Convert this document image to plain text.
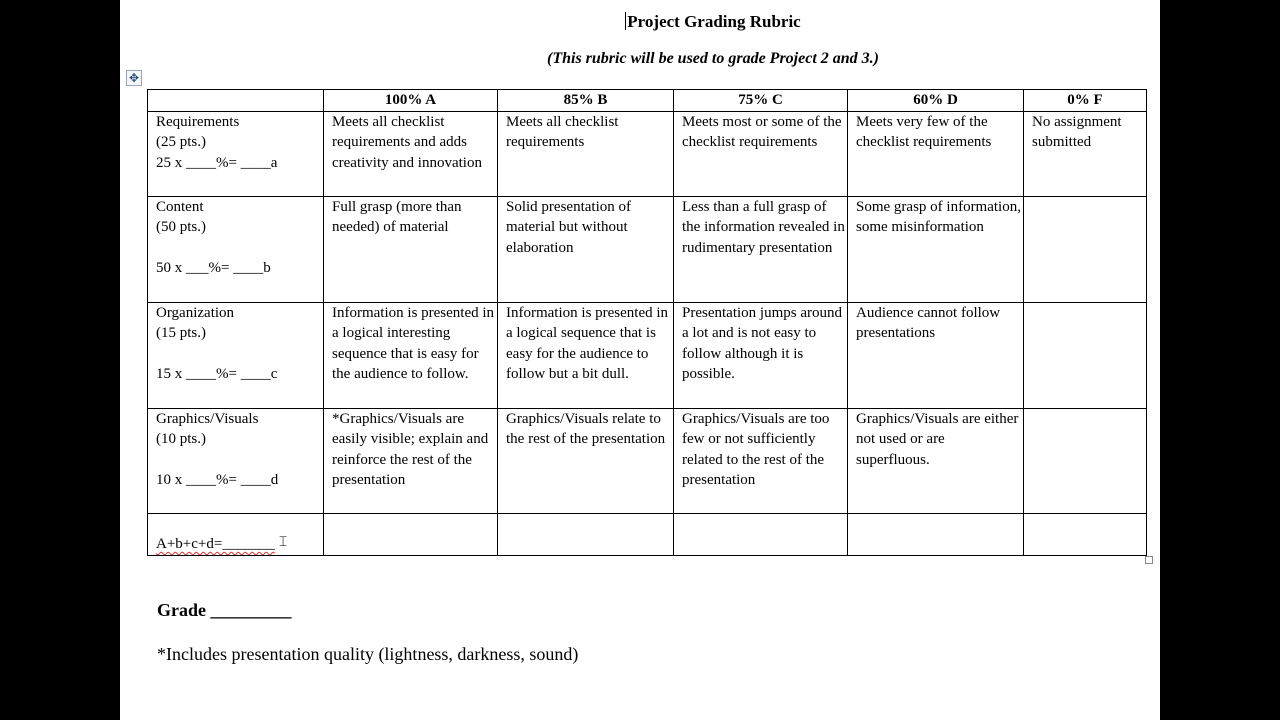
Project Grading Rubric
(This rubric will be used to grade Project 2 and 3.)
✥
	100% A	85% B	75% C	60% D	0% F

Requirements
(25 pts.)
25 x ____%= ____a	Meets all checklist requirements and adds creativity and innovation	Meets all checklist requirements	Meets most or some of the checklist requirements	Meets very few of the checklist requirements	No assignment submitted

Content
(50 pts.)
50 x ___%= ____b	Full grasp (more than needed) of material	Solid presentation of material but without elaboration	Less than a full grasp of the information revealed in rudimentary presentation	Some grasp of information, some misinformation	

Organization
(15 pts.)
15 x ____%= ____c	Information is presented in a logical interesting sequence that is easy for the audience to follow.	Information is presented in a logical sequence that is easy for the audience to follow but a bit dull.	Presentation jumps around a lot and is not easy to follow although it is possible.	Audience cannot follow presentations	

Graphics/Visuals
(10 pts.)
10 x ____%= ____d	*Graphics/Visuals are easily visible; explain and reinforce the rest of the presentation	Graphics/Visuals relate to the rest of the presentation	Graphics/Visuals are too few or not sufficiently related to the rest of the presentation	Graphics/Visuals are either not used or are superfluous.	
A+b+c+d=_______ ⌶					
Grade _________
*Includes presentation quality (lightness, darkness, sound)
